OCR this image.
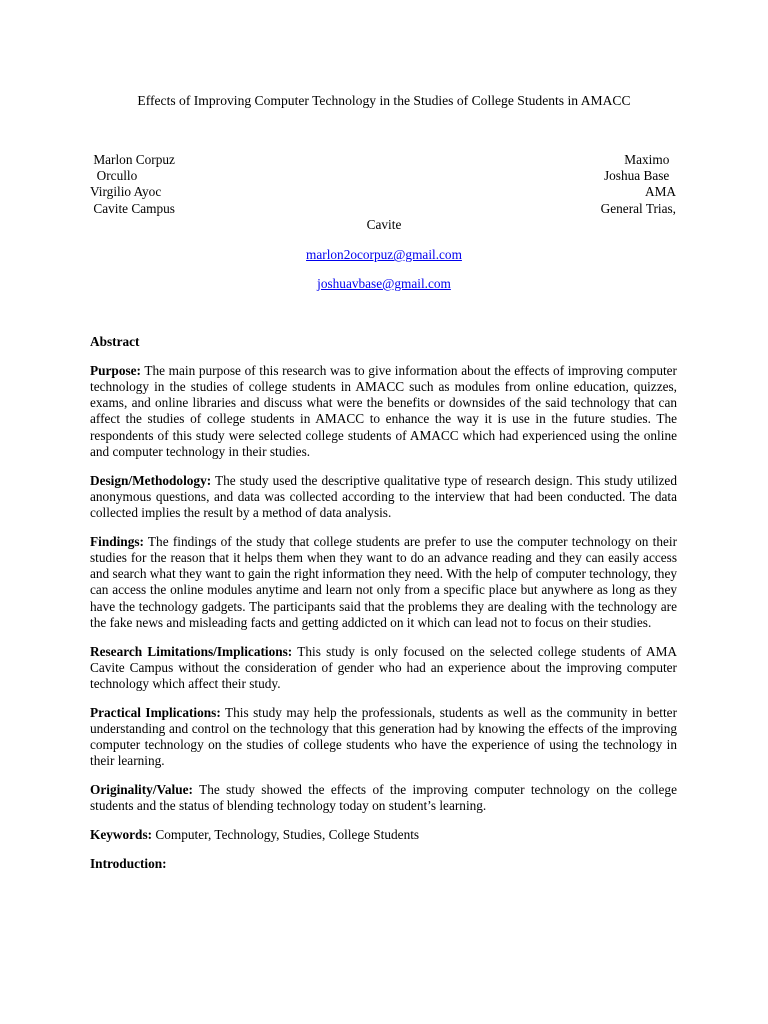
Effects of Improving Computer Technology in the Studies of College Students in AMACC
Marlon Corpuz
Orcullo
Virgilio Ayoc
Cavite Campus
Maximo
Joshua Base
AMA
General Trias,
Cavite
marlon2ocorpuz@gmail.com
joshuavbase@gmail.com

Abstract

Purpose: The main purpose of this research was to give information about the effects of improving computer technology in the studies of college students in AMACC such as modules from online education, quizzes, exams, and online libraries and discuss what were the benefits or downsides of the said technology that can affect the studies of college students in AMACC to enhance the way it is use in the future studies. The respondents of this study were selected college students of AMACC which had experienced using the online and computer technology in their studies.

Design/Methodology: The study used the descriptive qualitative type of research design. This study utilized anonymous questions, and data was collected according to the interview that had been conducted. The data collected implies the result by a method of data analysis.

Findings: The findings of the study that college students are prefer to use the computer technology on their studies for the reason that it helps them when they want to do an advance reading and they can easily access and search what they want to gain the right information they need. With the help of computer technology, they can access the online modules anytime and learn not only from a specific place but anywhere as long as they have the technology gadgets. The participants said that the problems they are dealing with the technology are the fake news and misleading facts and getting addicted on it which can lead not to focus on their studies.

Research Limitations/Implications: This study is only focused on the selected college students of AMA Cavite Campus without the consideration of gender who had an experience about the improving computer technology which affect their study.

Practical Implications: This study may help the professionals, students as well as the community in better understanding and control on the technology that this generation had by knowing the effects of the improving computer technology on the studies of college students who have the experience of using the technology in their learning.

Originality/Value: The study showed the effects of the improving computer technology on the college students and the status of blending technology today on student’s learning.

Keywords: Computer, Technology, Studies, College Students

Introduction:
